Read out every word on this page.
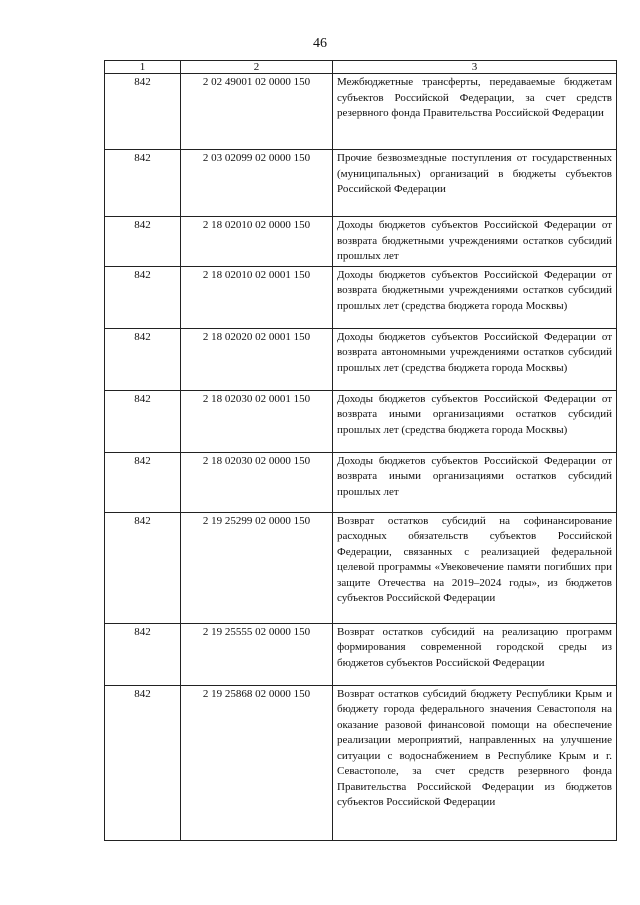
46
1	2	3
842	2 02 49001 02 0000 150	Межбюджетные трансферты, передаваемые бюджетам субъектов Российской Федерации, за счет средств резервного фонда Правительства Российской Федерации
842	2 03 02099 02 0000 150	Прочие безвозмездные поступления от государственных (муниципальных) организаций в бюджеты субъектов Российской Федерации
842	2 18 02010 02 0000 150	Доходы бюджетов субъектов Российской Федерации от возврата бюджетными учреждениями остатков субсидий прошлых лет
842	2 18 02010 02 0001 150	Доходы бюджетов субъектов Российской Федерации от возврата бюджетными учреждениями остатков субсидий прошлых лет (средства бюджета города Москвы)
842	2 18 02020 02 0001 150	Доходы бюджетов субъектов Российской Федерации от возврата автономными учреждениями остатков субсидий прошлых лет (средства бюджета города Москвы)
842	2 18 02030 02 0001 150	Доходы бюджетов субъектов Российской Федерации от возврата иными организациями остатков субсидий прошлых лет (средства бюджета города Москвы)
842	2 18 02030 02 0000 150	Доходы бюджетов субъектов Российской Федерации от возврата иными организациями остатков субсидий прошлых лет
842	2 19 25299 02 0000 150	Возврат остатков субсидий на софинансирование расходных обязательств субъектов Российской Федерации, связанных с реализацией федеральной целевой программы «Увековечение памяти погибших при защите Отечества на 2019–2024 годы», из бюджетов субъектов Российской Федерации
842	2 19 25555 02 0000 150	Возврат остатков субсидий на реализацию программ формирования современной городской среды из бюджетов субъектов Российской Федерации
842	2 19 25868 02 0000 150	Возврат остатков субсидий бюджету Республики Крым и бюджету города федерального значения Севастополя на оказание разовой финансовой помощи на обеспечение реализации мероприятий, направленных на улучшение ситуации с водоснабжением в Республике Крым и г. Севастополе, за счет средств резервного фонда Правительства Российской Федерации из бюджетов субъектов Российской Федерации
